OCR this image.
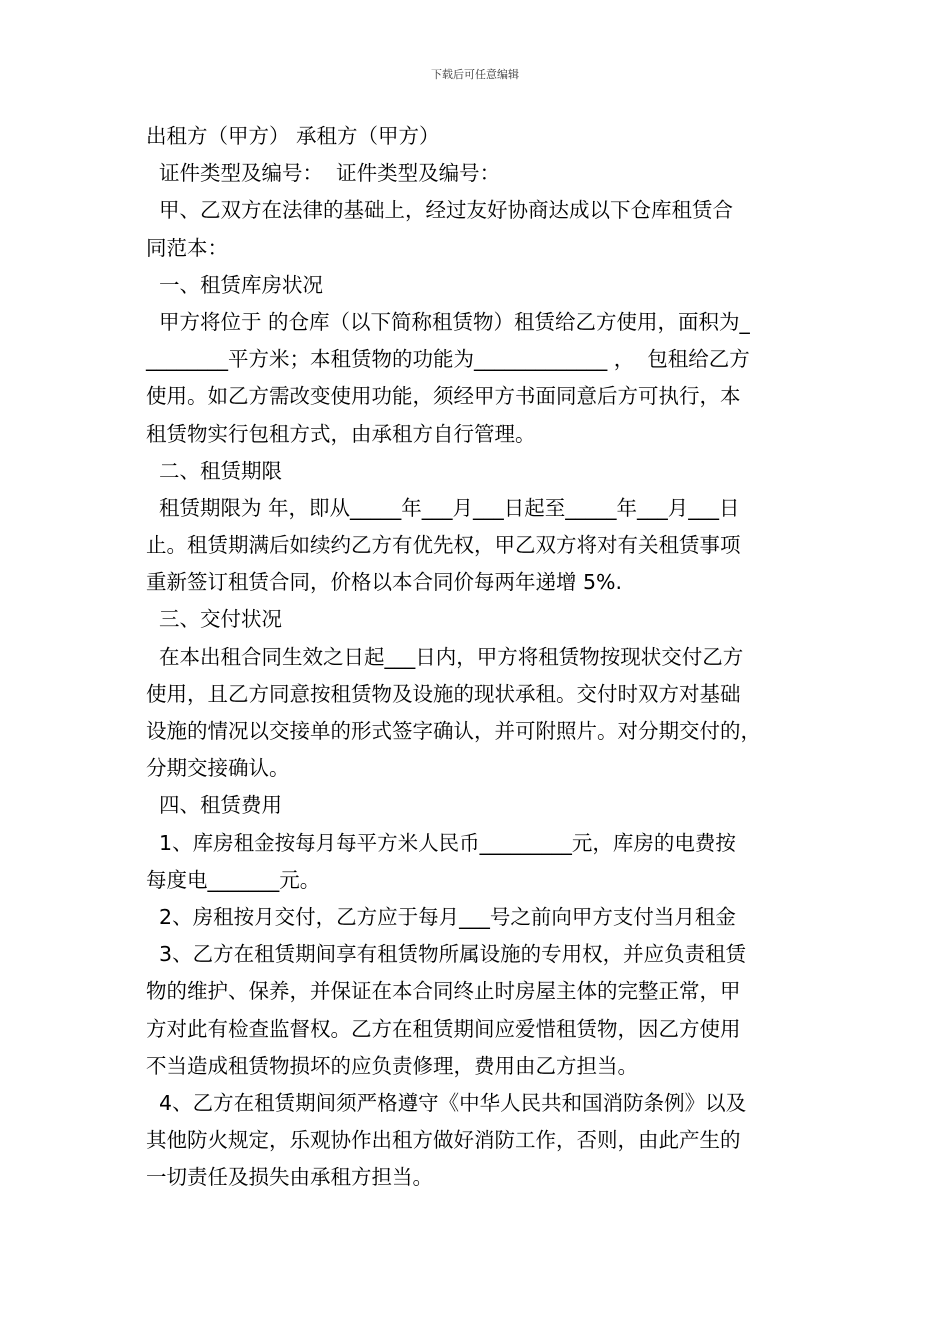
下载后可任意编辑
出租方（甲方） 承租方（甲方）
证件类型及编号：  证件类型及编号：
甲、乙双方在法律的基础上，经过友好协商达成以下仓库租赁合
同范本：
一、租赁库房状况
甲方将位于 的仓库（以下简称租赁物）租赁给乙方使用，面积为_
________平方米；本租赁物的功能为_____________ ，  包租给乙方
使用。如乙方需改变使用功能，须经甲方书面同意后方可执行，本
租赁物实行包租方式，由承租方自行管理。
二、租赁期限
租赁期限为 年，即从_____年___月___日起至_____年___月___日
止。租赁期满后如续约乙方有优先权，甲乙双方将对有关租赁事项
重新签订租赁合同，价格以本合同价每两年递增 5%.
三、交付状况
在本出租合同生效之日起___日内，甲方将租赁物按现状交付乙方
使用，且乙方同意按租赁物及设施的现状承租。交付时双方对基础
设施的情况以交接单的形式签字确认，并可附照片。对分期交付的，
分期交接确认。
四、租赁费用
1、库房租金按每月每平方米人民币_________元，库房的电费按
每度电_______元。
2、房租按月交付，乙方应于每月___号之前向甲方支付当月租金
3、乙方在租赁期间享有租赁物所属设施的专用权，并应负责租赁
物的维护、保养，并保证在本合同终止时房屋主体的完整正常，甲
方对此有检查监督权。乙方在租赁期间应爱惜租赁物，因乙方使用
不当造成租赁物损坏的应负责修理，费用由乙方担当。
4、乙方在租赁期间须严格遵守《中华人民共和国消防条例》以及
其他防火规定，乐观协作出租方做好消防工作，否则，由此产生的
一切责任及损失由承租方担当。
